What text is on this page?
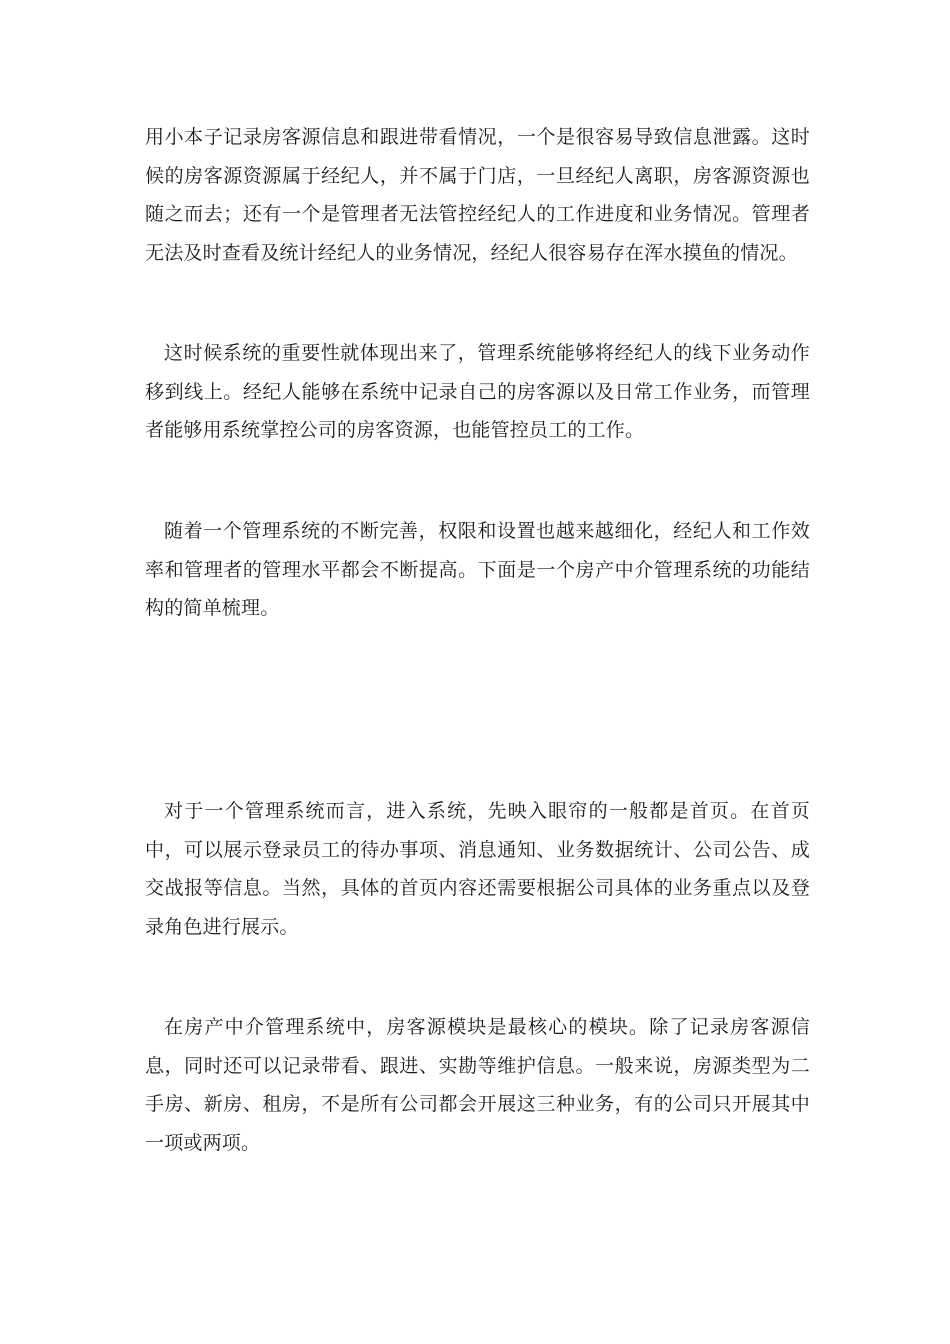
用小本子记录房客源信息和跟进带看情况，一个是很容易导致信息泄露。这时候的房客源资源属于经纪人，并不属于门店，一旦经纪人离职，房客源资源也随之而去；还有一个是管理者无法管控经纪人的工作进度和业务情况。管理者无法及时查看及统计经纪人的业务情况，经纪人很容易存在浑水摸鱼的情况。

这时候系统的重要性就体现出来了，管理系统能够将经纪人的线下业务动作移到线上。经纪人能够在系统中记录自己的房客源以及日常工作业务，而管理者能够用系统掌控公司的房客资源，也能管控员工的工作。

随着一个管理系统的不断完善，权限和设置也越来越细化，经纪人和工作效率和管理者的管理水平都会不断提高。下面是一个房产中介管理系统的功能结构的简单梳理。

对于一个管理系统而言，进入系统，先映入眼帘的一般都是首页。在首页中，可以展示登录员工的待办事项、消息通知、业务数据统计、公司公告、成交战报等信息。当然，具体的首页内容还需要根据公司具体的业务重点以及登录角色进行展示。

在房产中介管理系统中，房客源模块是最核心的模块。除了记录房客源信息，同时还可以记录带看、跟进、实勘等维护信息。一般来说，房源类型为二手房、新房、租房，不是所有公司都会开展这三种业务，有的公司只开展其中一项或两项。
